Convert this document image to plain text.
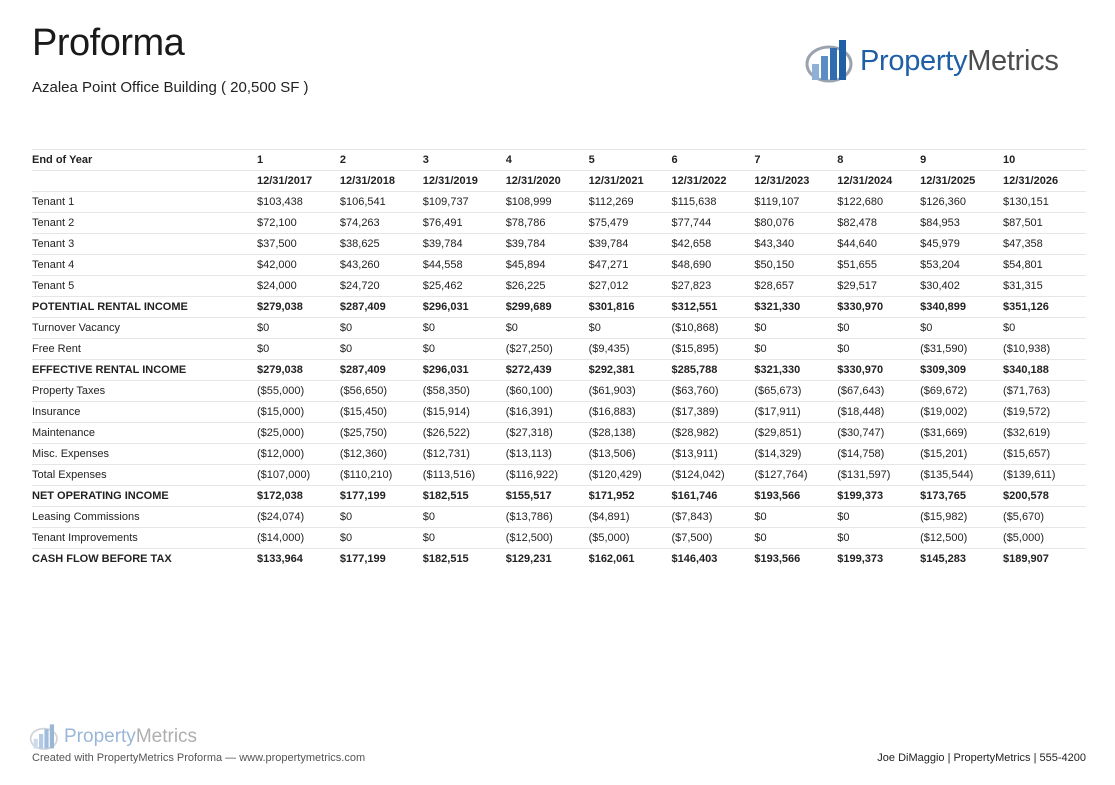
Proforma
Azalea Point Office Building ( 20,500 SF )
PropertyMetrics
End of Year	1	2	3	4	5	6	7	8	9	10
	12/31/2017	12/31/2018	12/31/2019	12/31/2020	12/31/2021	12/31/2022	12/31/2023	12/31/2024	12/31/2025	12/31/2026
Tenant 1	$103,438	$106,541	$109,737	$108,999	$112,269	$115,638	$119,107	$122,680	$126,360	$130,151
Tenant 2	$72,100	$74,263	$76,491	$78,786	$75,479	$77,744	$80,076	$82,478	$84,953	$87,501
Tenant 3	$37,500	$38,625	$39,784	$39,784	$39,784	$42,658	$43,340	$44,640	$45,979	$47,358
Tenant 4	$42,000	$43,260	$44,558	$45,894	$47,271	$48,690	$50,150	$51,655	$53,204	$54,801
Tenant 5	$24,000	$24,720	$25,462	$26,225	$27,012	$27,823	$28,657	$29,517	$30,402	$31,315
POTENTIAL RENTAL INCOME	$279,038	$287,409	$296,031	$299,689	$301,816	$312,551	$321,330	$330,970	$340,899	$351,126
Turnover Vacancy	$0	$0	$0	$0	$0	($10,868)	$0	$0	$0	$0
Free Rent	$0	$0	$0	($27,250)	($9,435)	($15,895)	$0	$0	($31,590)	($10,938)
EFFECTIVE RENTAL INCOME	$279,038	$287,409	$296,031	$272,439	$292,381	$285,788	$321,330	$330,970	$309,309	$340,188
Property Taxes	($55,000)	($56,650)	($58,350)	($60,100)	($61,903)	($63,760)	($65,673)	($67,643)	($69,672)	($71,763)
Insurance	($15,000)	($15,450)	($15,914)	($16,391)	($16,883)	($17,389)	($17,911)	($18,448)	($19,002)	($19,572)
Maintenance	($25,000)	($25,750)	($26,522)	($27,318)	($28,138)	($28,982)	($29,851)	($30,747)	($31,669)	($32,619)
Misc. Expenses	($12,000)	($12,360)	($12,731)	($13,113)	($13,506)	($13,911)	($14,329)	($14,758)	($15,201)	($15,657)
Total Expenses	($107,000)	($110,210)	($113,516)	($116,922)	($120,429)	($124,042)	($127,764)	($131,597)	($135,544)	($139,611)
NET OPERATING INCOME	$172,038	$177,199	$182,515	$155,517	$171,952	$161,746	$193,566	$199,373	$173,765	$200,578
Leasing Commissions	($24,074)	$0	$0	($13,786)	($4,891)	($7,843)	$0	$0	($15,982)	($5,670)
Tenant Improvements	($14,000)	$0	$0	($12,500)	($5,000)	($7,500)	$0	$0	($12,500)	($5,000)
CASH FLOW BEFORE TAX	$133,964	$177,199	$182,515	$129,231	$162,061	$146,403	$193,566	$199,373	$145,283	$189,907
PropertyMetrics
Created with PropertyMetrics Proforma — www.propertymetrics.com	Joe DiMaggio | PropertyMetrics | 555-4200
